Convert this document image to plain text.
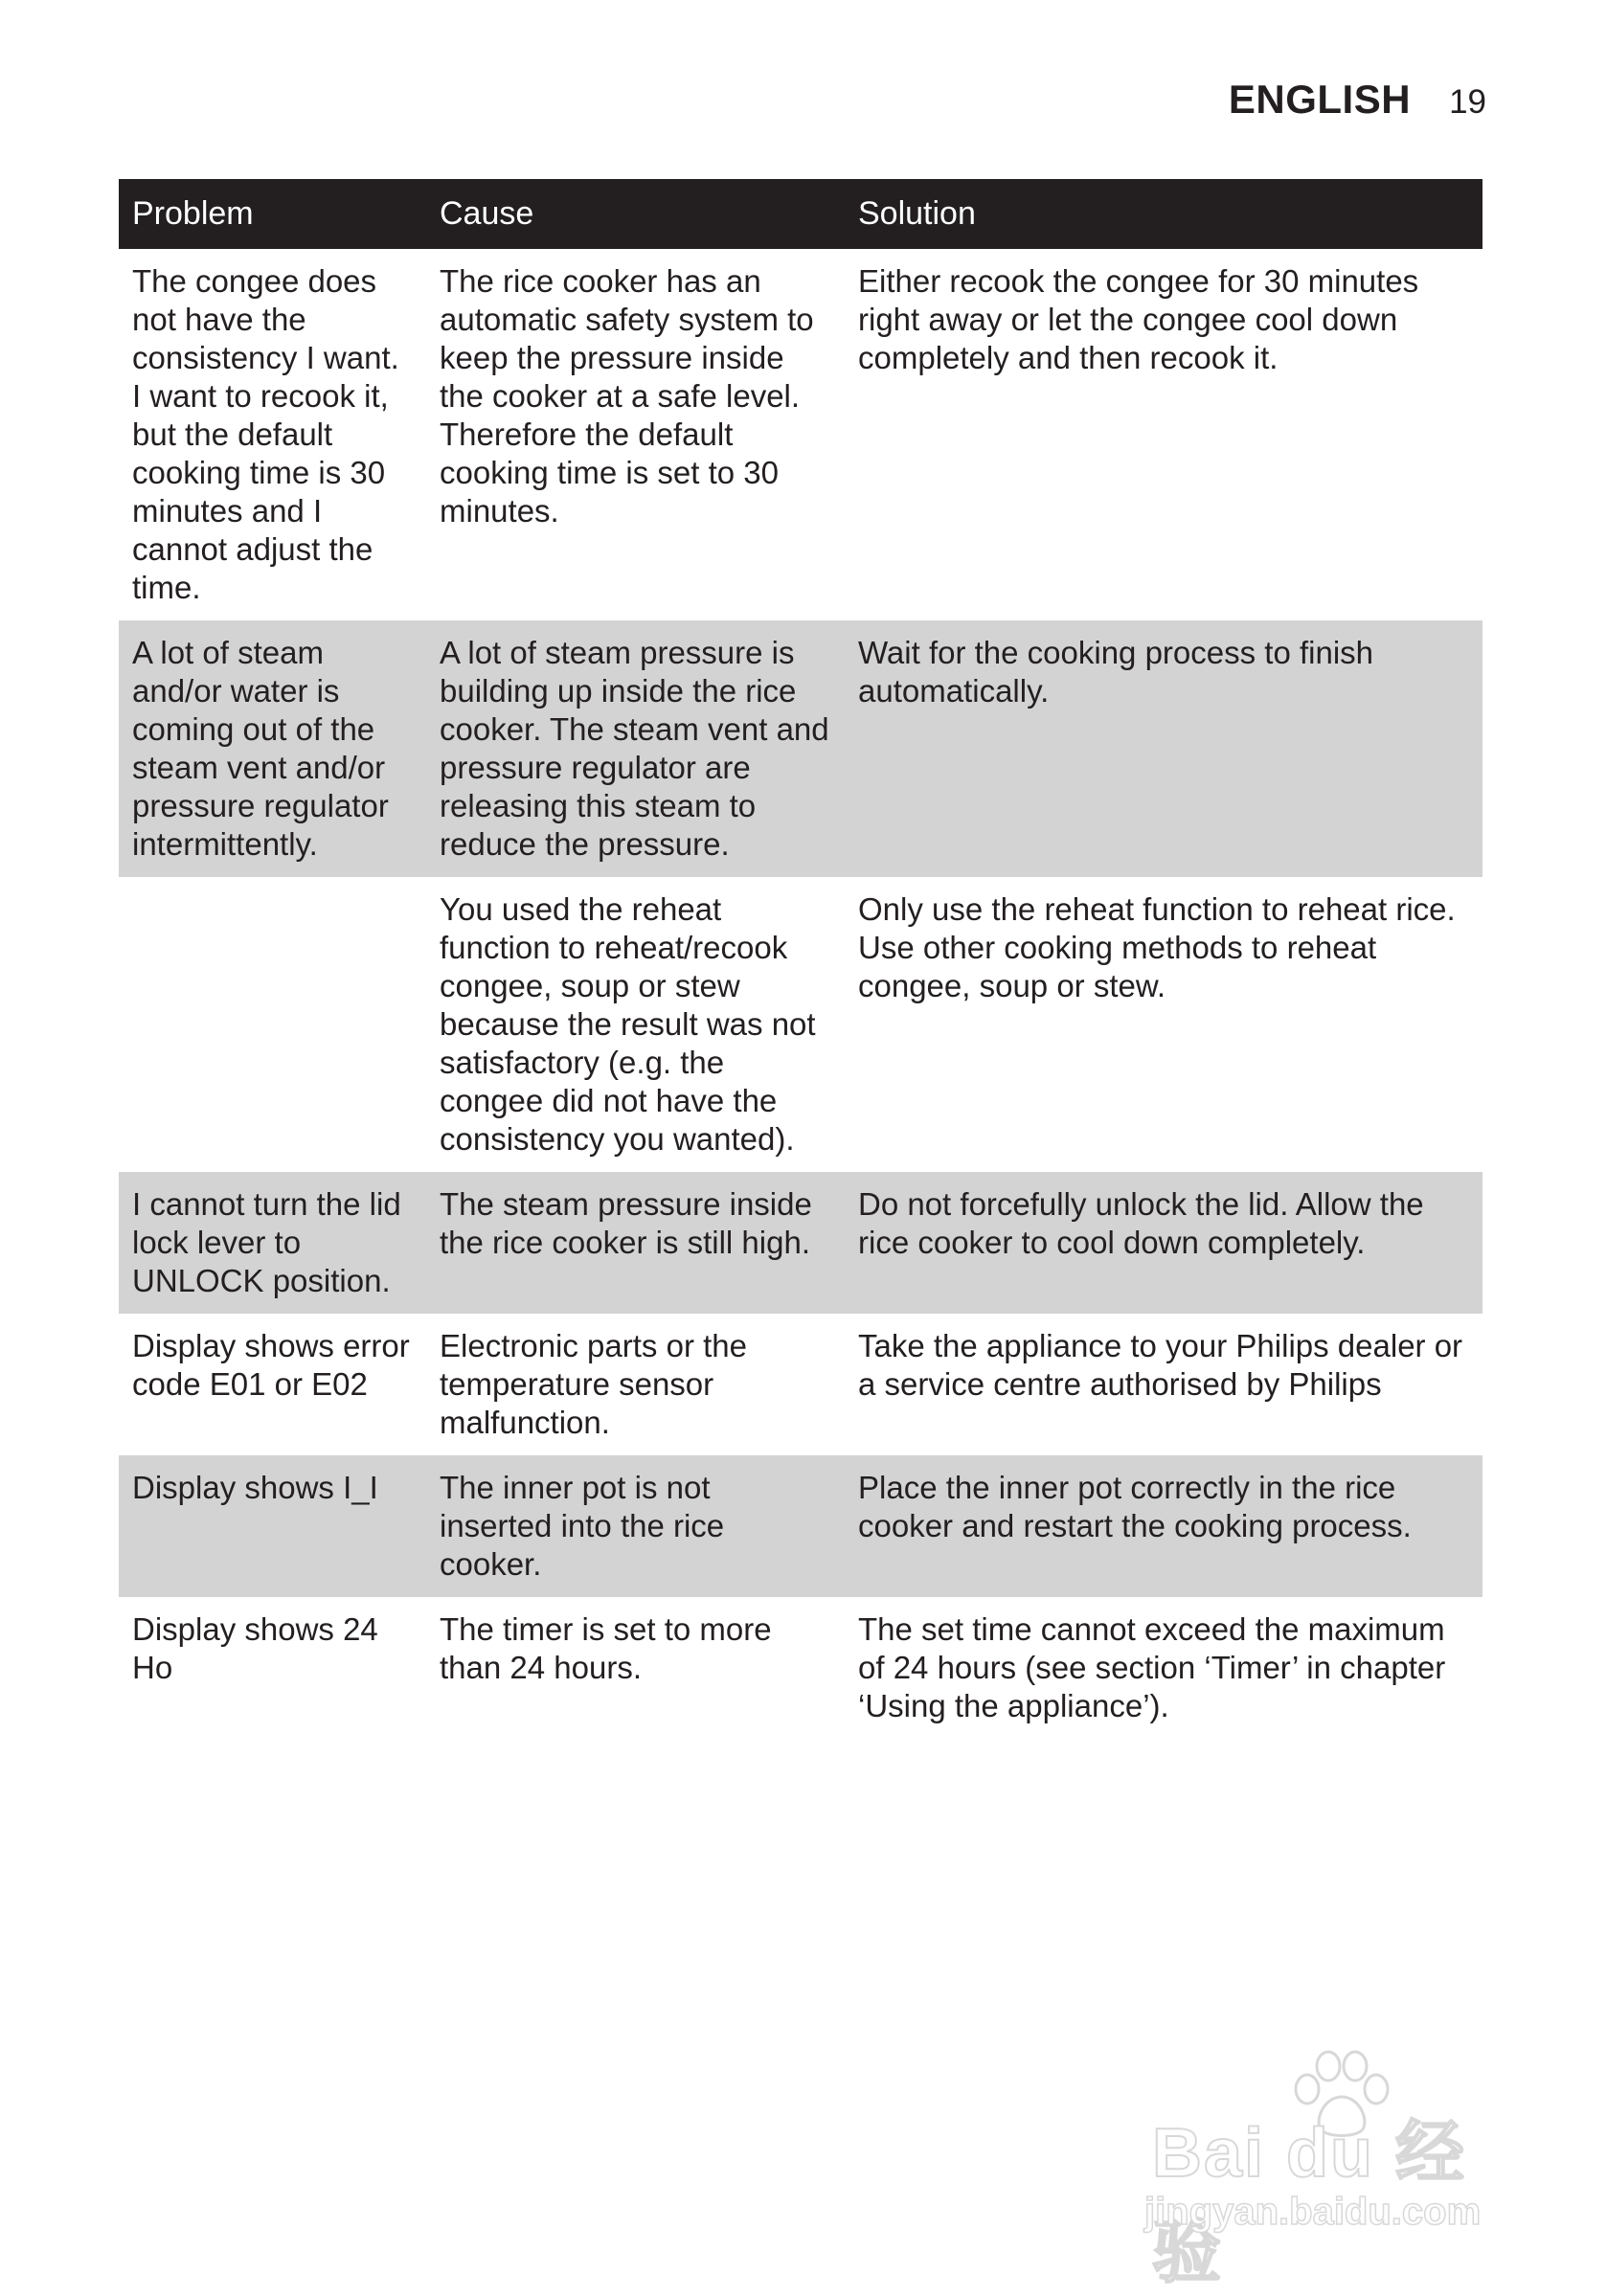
ENGLISH 19
Problem	Cause	Solution
The congee does not have the consistency I want. I want to recook it, but the default cooking time is 30 minutes and I cannot adjust the time.	The rice cooker has an automatic safety system to keep the pressure inside the cooker at a safe level. Therefore the default cooking time is set to 30 minutes.	Either recook the congee for 30 minutes right away or let the congee cool down completely and then recook it.
A lot of steam and/or water is coming out of the steam vent and/or pressure regulator intermittently.	A lot of steam pressure is building up inside the rice cooker. The steam vent and pressure regulator are releasing this steam to reduce the pressure.	Wait for the cooking process to finish automatically.
	You used the reheat function to reheat/recook congee, soup or stew because the result was not satisfactory (e.g. the congee did not have the consistency you wanted).	Only use the reheat function to reheat rice. Use other cooking methods to reheat congee, soup or stew.
I cannot turn the lid lock lever to UNLOCK position.	The steam pressure inside the rice cooker is still high.	Do not forcefully unlock the lid. Allow the rice cooker to cool down completely.
Display shows error code E01 or E02	Electronic parts or the temperature sensor malfunction.	Take the appliance to your Philips dealer or a service centre authorised by Philips
Display shows I_I	The inner pot is not inserted into the rice cooker.	Place the inner pot correctly in the rice cooker and restart the cooking process.
Display shows 24 Ho	The timer is set to more than 24 hours.	The set time cannot exceed the maximum of 24 hours (see section ‘Timer’ in chapter ‘Using the appliance’).
Bai du 经验
jingyan.baidu.com
